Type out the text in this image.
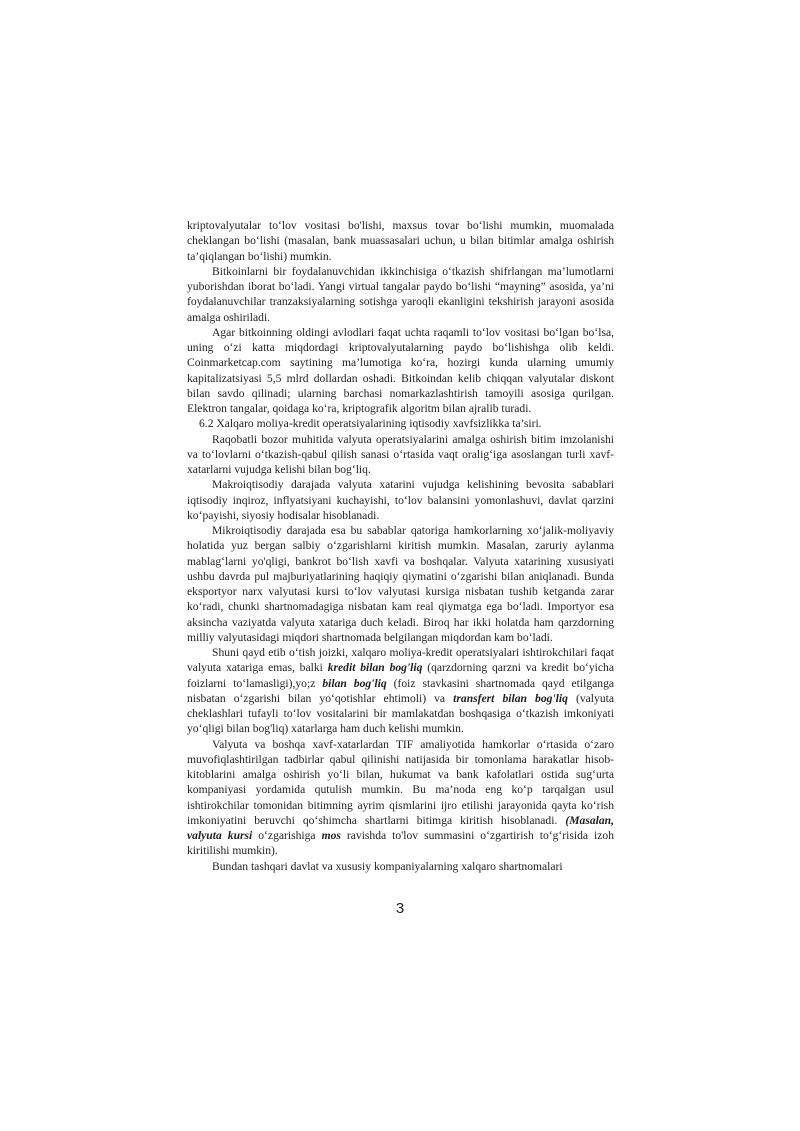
kriptovalyutalar to‘lov vositasi bo'lishi, maxsus tovar bo‘lishi mumkin, muomalada cheklangan bo‘lishi (masalan, bank muassasalari uchun, u bilan bitimlar amalga oshirish ta’qiqlangan bo‘lishi) mumkin.

Bitkoinlarni bir foydalanuvchidan ikkinchisiga o‘tkazish shifrlangan ma’lumotlarni yuborishdan iborat bo‘ladi. Yangi virtual tangalar paydo bo‘lishi “mayning” asosida, ya’ni foydalanuvchilar tranzaksiyalarning sotishga yaroqli ekanligini tekshirish jarayoni asosida amalga oshiriladi.

Agar bitkoinning oldingi avlodlari faqat uchta raqamli to‘lov vositasi bo‘lgan bo‘lsa, uning o‘zi katta miqdordagi kriptovalyutalarning paydo bo‘lishishga olib keldi. Coinmarketcap.com saytining ma’lumotiga ko‘ra, hozirgi kunda ularning umumiy kapitalizatsiyasi 5,5 mlrd dollardan oshadi. Bitkoindan kelib chiqqan valyutalar diskont bilan savdo qilinadi; ularning barchasi nomarkazlashtirish tamoyili asosiga qurilgan. Elektron tangalar, qoidaga ko‘ra, kriptografik algoritm bilan ajralib turadi.

6.2 Xalqaro moliya-kredit operatsiyalarining iqtisodiy xavfsizlikka ta’siri.

Raqobatli bozor muhitida valyuta operatsiyalarini amalga oshirish bitim imzolanishi va to‘lovlarni o‘tkazish-qabul qilish sanasi o‘rtasida vaqt oralig‘iga asoslangan turli xavf-xatarlarni vujudga kelishi bilan bog‘liq.

Makroiqtisodiy darajada valyuta xatarini vujudga kelishining bevosita sabablari iqtisodiy inqiroz, inflyatsiyani kuchayishi, to‘lov balansini yomonlashuvi, davlat qarzini ko‘payishi, siyosiy hodisalar hisoblanadi.

Mikroiqtisodiy darajada esa bu sabablar qatoriga hamkorlarning xo‘jalik-moliyaviy holatida yuz bergan salbiy o‘zgarishlarni kiritish mumkin. Masalan, zaruriy aylanma mablag‘larni yo'qligi, bankrot bo‘lish xavfi va boshqalar. Valyuta xatarining xususiyati ushbu davrda pul majburiyatlarining haqiqiy qiymatini o‘zgarishi bilan aniqlanadi. Bunda eksportyor narx valyutasi kursi to‘lov valyutasi kursiga nisbatan tushib ketganda zarar ko‘radi, chunki shartnomadagiga nisbatan kam real qiymatga ega bo‘ladi. Importyor esa aksincha vaziyatda valyuta xatariga duch keladi. Biroq har ikki holatda ham qarzdorning milliy valyutasidagi miqdori shartnomada belgilangan miqdordan kam bo‘ladi.

Shuni qayd etib o‘tish joizki, xalqaro moliya-kredit operatsiyalari ishtirokchilari faqat valyuta xatariga emas, balki kredit bilan bog'liq (qarzdorning qarzni va kredit bo‘yicha foizlarni to‘lamasligi),yo;z bilan bog'liq (foiz stavkasini shartnomada qayd etilganga nisbatan o‘zgarishi bilan yo‘qotishlar ehtimoli) va transfert bilan bog'liq (valyuta cheklashlari tufayli to‘lov vositalarini bir mamlakatdan boshqasiga o‘tkazish imkoniyati yo‘qligi bilan bog'liq) xatarlarga ham duch kelishi mumkin.

Valyuta va boshqa xavf-xatarlardan TIF amaliyotida hamkorlar o‘rtasida o‘zaro muvofiqlashtirilgan tadbirlar qabul qilinishi natijasida bir tomonlama harakatlar hisob-kitoblarini amalga oshirish yo‘li bilan, hukumat va bank kafolatlari ostida sug‘urta kompaniyasi yordamida qutulish mumkin. Bu ma’noda eng ko‘p tarqalgan usul ishtirokchilar tomonidan bitimning ayrim qismlarini ijro etilishi jarayonida qayta ko‘rish imkoniyatini beruvchi qo‘shimcha shartlarni bitimga kiritish hisoblanadi. (Masalan, valyuta kursi o‘zgarishiga mos ravishda to'lov summasini o‘zgartirish to‘g‘risida izoh kiritilishi mumkin).

Bundan tashqari davlat va xususiy kompaniyalarning xalqaro shartnomalari

3
